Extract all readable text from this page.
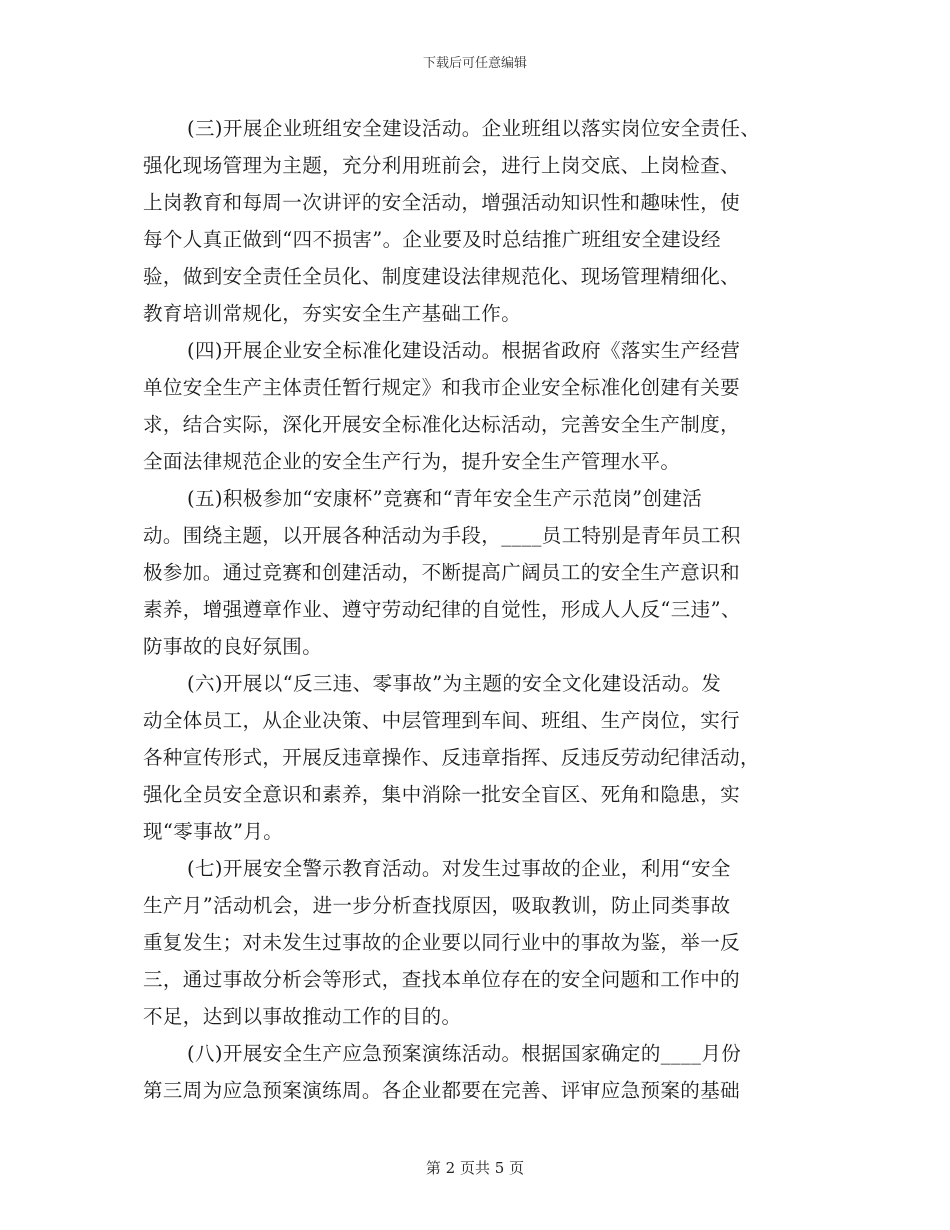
下载后可任意编辑

(三)开展企业班组安全建设活动。企业班组以落实岗位安全责任、
强化现场管理为主题，充分利用班前会，进行上岗交底、上岗检查、
上岗教育和每周一次讲评的安全活动，增强活动知识性和趣味性，使
每个人真正做到“四不损害”。企业要及时总结推广班组安全建设经
验，做到安全责任全员化、制度建设法律规范化、现场管理精细化、
教育培训常规化，夯实安全生产基础工作。

(四)开展企业安全标准化建设活动。根据省政府《落实生产经营
单位安全生产主体责任暂行规定》和我市企业安全标准化创建有关要
求，结合实际，深化开展安全标准化达标活动，完善安全生产制度，
全面法律规范企业的安全生产行为，提升安全生产管理水平。

(五)积极参加“安康杯”竞赛和“青年安全生产示范岗”创建活
动。围绕主题，以开展各种活动为手段，____员工特别是青年员工积
极参加。通过竞赛和创建活动，不断提高广阔员工的安全生产意识和
素养，增强遵章作业、遵守劳动纪律的自觉性，形成人人反“三违”、
防事故的良好氛围。

(六)开展以“反三违、零事故”为主题的安全文化建设活动。发
动全体员工，从企业决策、中层管理到车间、班组、生产岗位，实行
各种宣传形式，开展反违章操作、反违章指挥、反违反劳动纪律活动，
强化全员安全意识和素养，集中消除一批安全盲区、死角和隐患，实
现“零事故”月。

(七)开展安全警示教育活动。对发生过事故的企业，利用“安全
生产月”活动机会，进一步分析查找原因，吸取教训，防止同类事故
重复发生；对未发生过事故的企业要以同行业中的事故为鉴，举一反
三，通过事故分析会等形式，查找本单位存在的安全问题和工作中的
不足，达到以事故推动工作的目的。

(八)开展安全生产应急预案演练活动。根据国家确定的____月份
第三周为应急预案演练周。各企业都要在完善、评审应急预案的基础

第 2 页共 5 页
